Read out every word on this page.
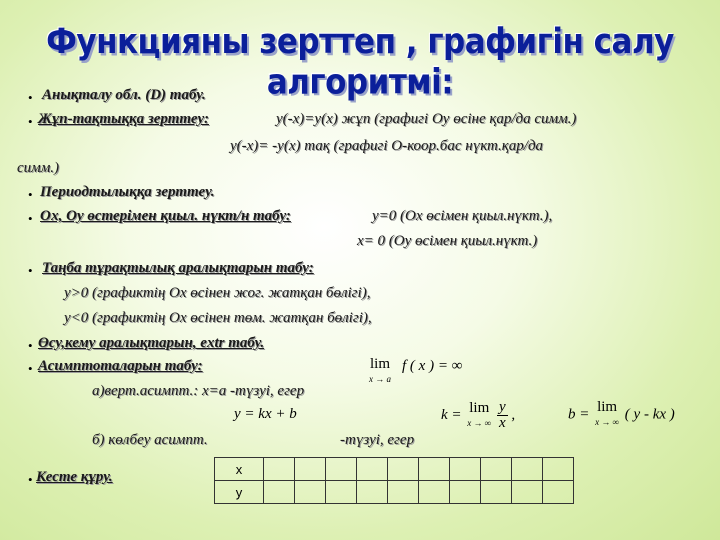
Функцияны зерттеп , графигін салу алгоритмі:
• Анықталу обл. (D) табу.
• Жұп-тақтыққа зерттеу:	y(-x)=y(x) жұп (графигі Оу өсіне қар/да симм.)
y(-x)= -y(x) тақ (графигі О-коор.бас нүкт.қар/да
симм.)
• Периодтылыққа зерттеу.
• Ох, Оу өстерімен қиыл. нүкт/н табу:	y=0 (Ох өсімен қиыл.нүкт.),
x= 0 (Оу өсімен қиыл.нүкт.)
• Таңба тұрақтылық аралықтарын табу:
y>0 (графиктің Ох өсінен жог. жатқан бөлігі),
y<0 (графиктің Ох өсінен төм. жатқан бөлігі),
• Өсу,кему аралықтарын, extr табу.
• Асимптоталарын табу:
а)верт.асимпт.: x=a -түзуі, егер
б) көлбеу асимпт.	-түзуі, егер
lim
x → a
f ( x ) = ∞
y = kx + b	k = lim
x → ∞
$\frac{y}{x}$ ,	b = lim
x → ∞ ( y - kx )
• Кесте құру.	x										
y										
